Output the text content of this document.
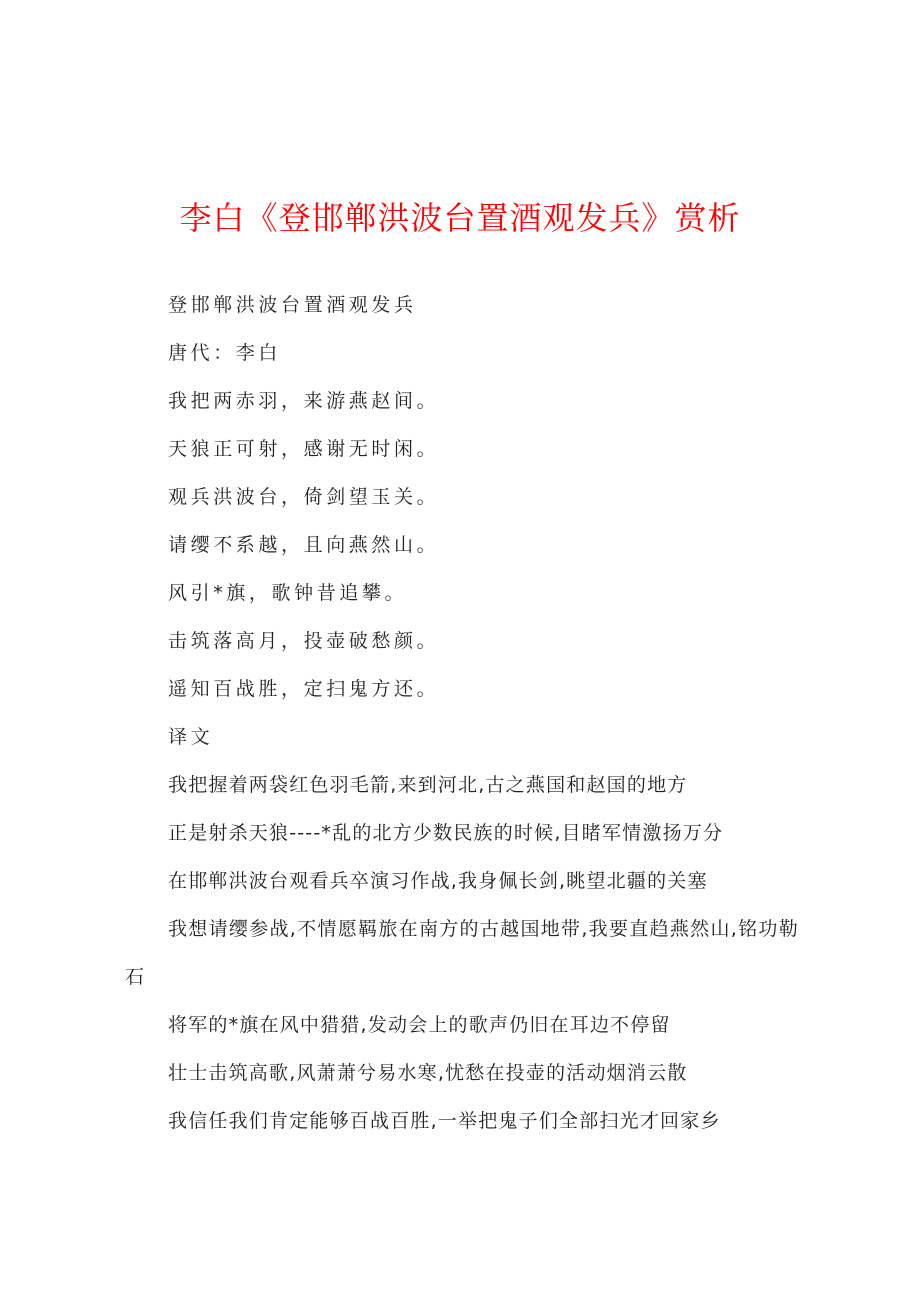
李白《登邯郸洪波台置酒观发兵》赏析

登邯郸洪波台置酒观发兵

唐代：李白

我把两赤羽，来游燕赵间。

天狼正可射，感谢无时闲。

观兵洪波台，倚剑望玉关。

请缨不系越，且向燕然山。

风引*旗，歌钟昔追攀。

击筑落高月，投壶破愁颜。

遥知百战胜，定扫鬼方还。

译文

我把握着两袋红色羽毛箭,来到河北,古之燕国和赵国的地方

正是射杀天狼----*乱的北方少数民族的时候,目睹军情激扬万分

在邯郸洪波台观看兵卒演习作战,我身佩长剑,眺望北疆的关塞

我想请缨参战,不情愿羁旅在南方的古越国地带,我要直趋燕然山,铭功勒石

将军的*旗在风中猎猎,发动会上的歌声仍旧在耳边不停留

壮士击筑高歌,风萧萧兮易水寒,忧愁在投壶的活动烟消云散

我信任我们肯定能够百战百胜,一举把鬼子们全部扫光才回家乡
